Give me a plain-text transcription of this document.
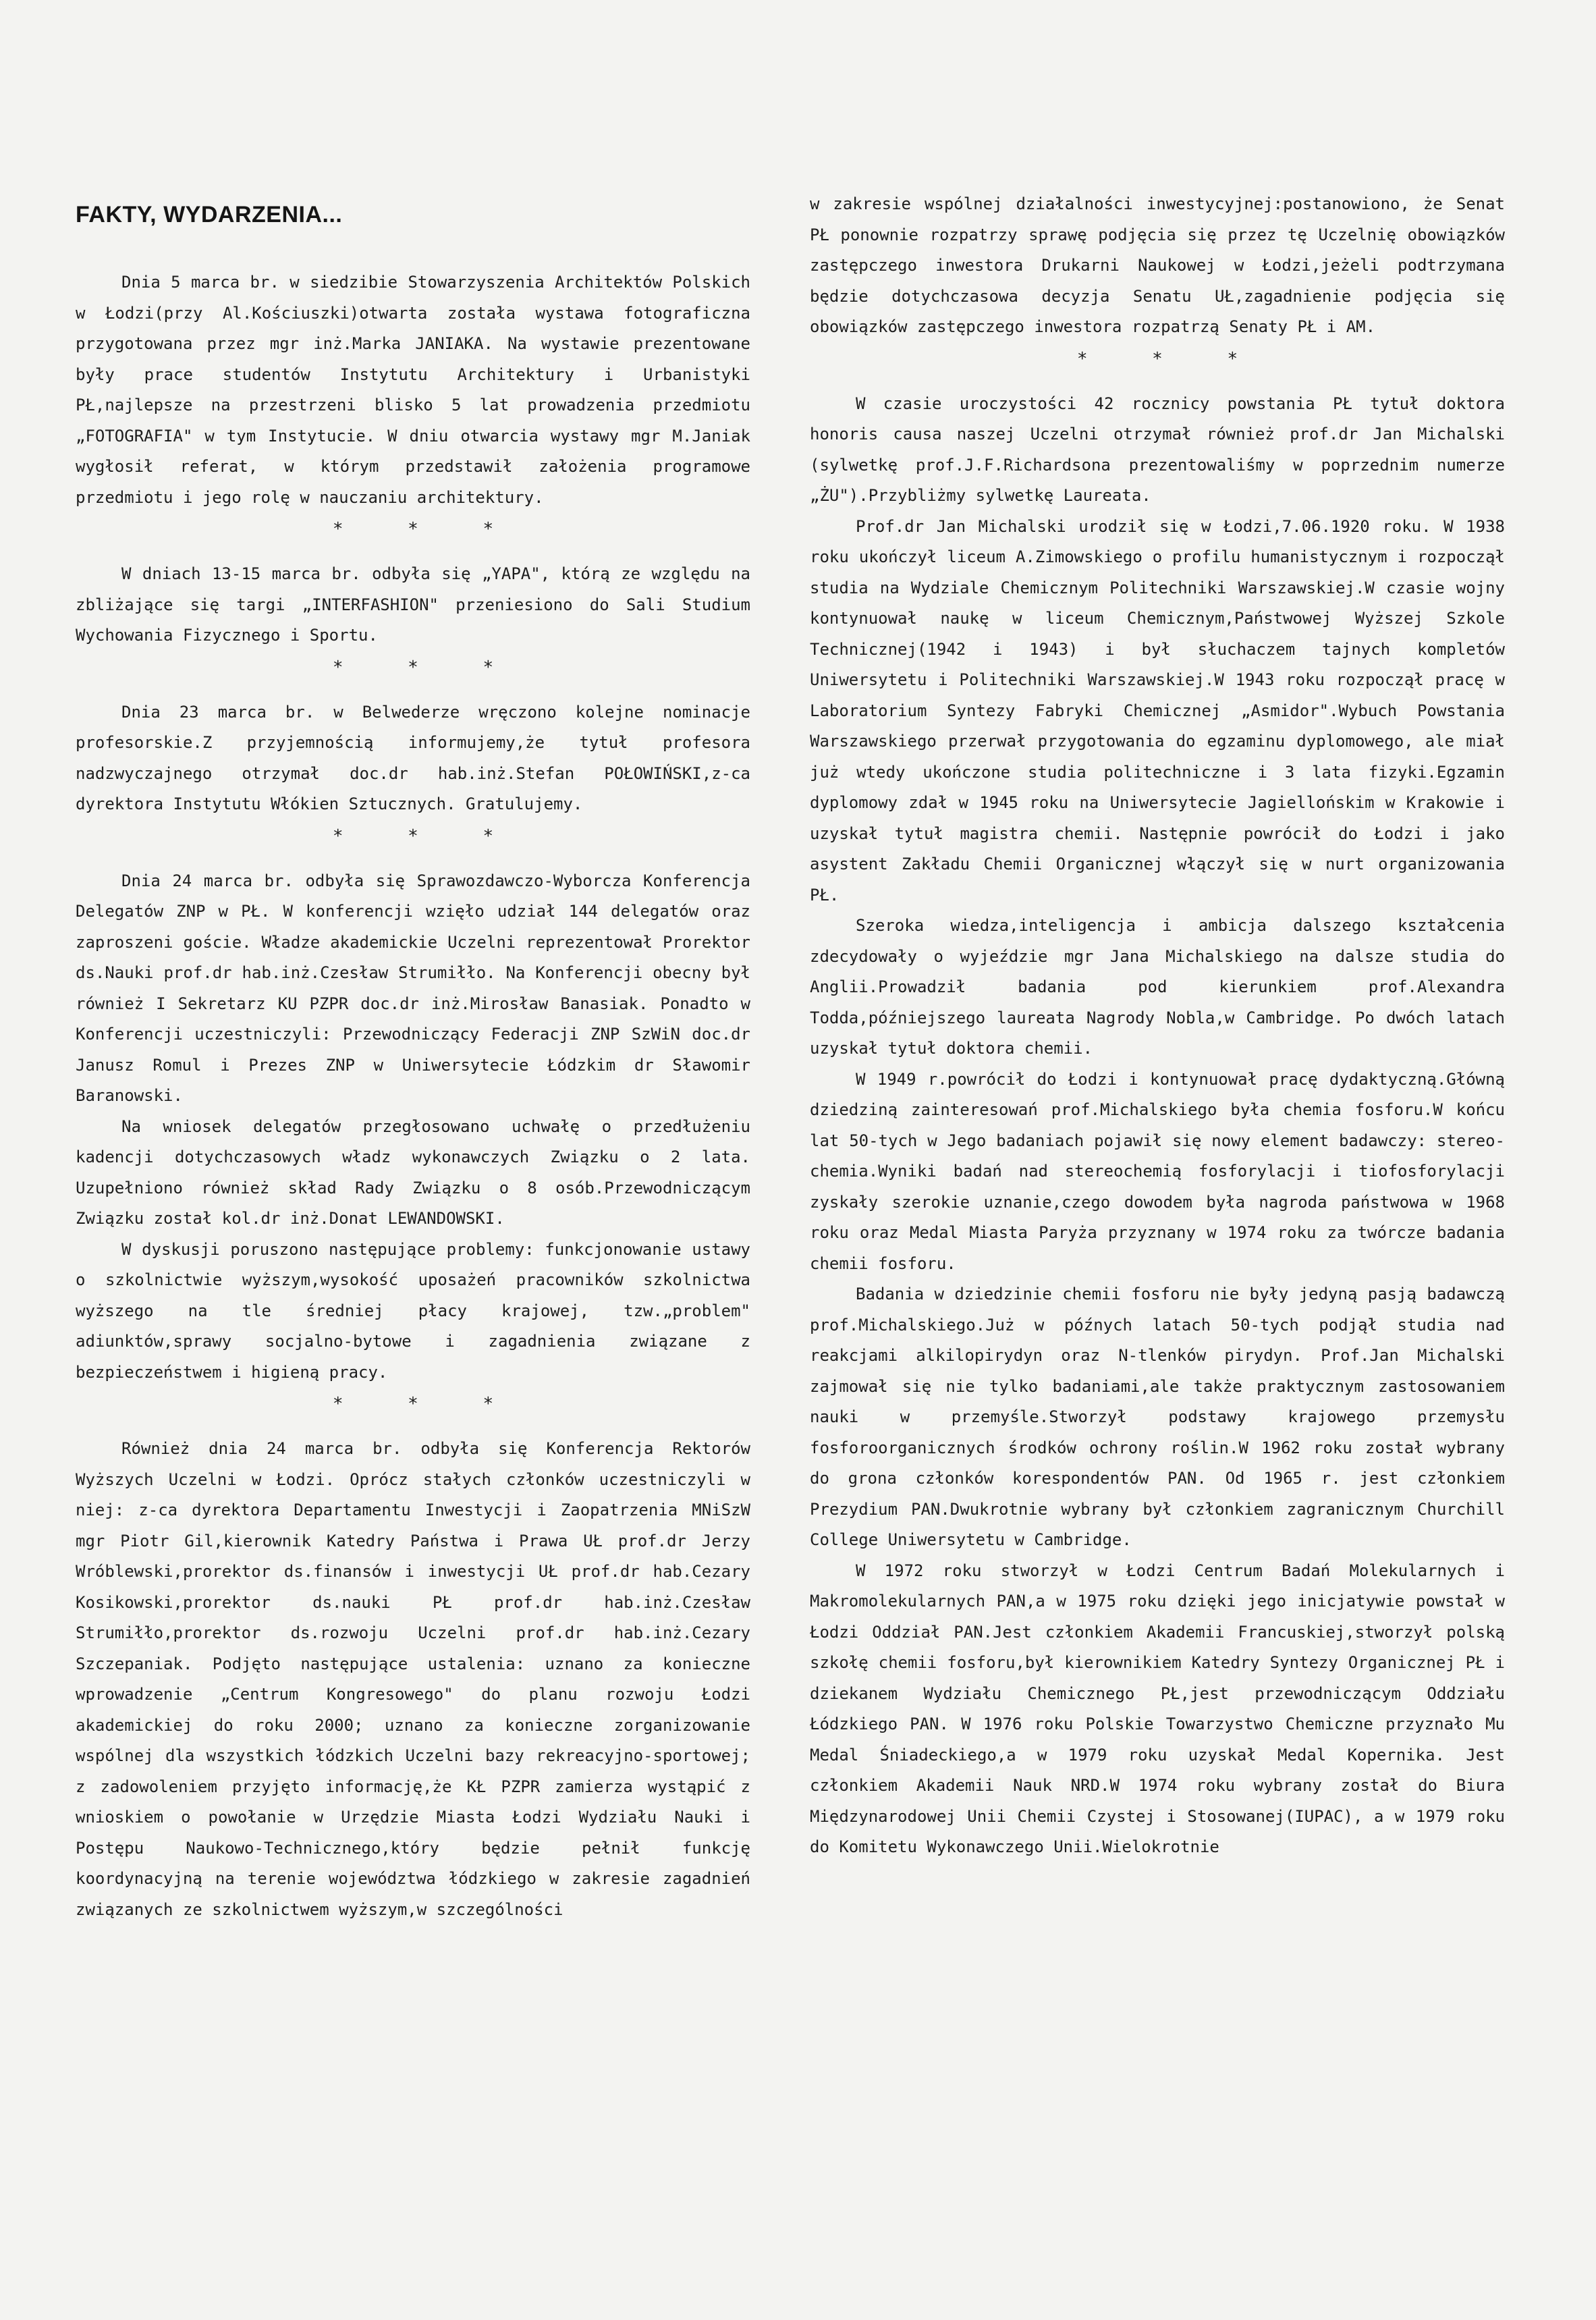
FAKTY, WYDARZENIA...

Dnia 5 marca br. w siedzibie Stowarzyszenia Architektów Polskich w Łodzi(przy Al.Kościuszki)otwarta została wystawa fotograficzna przygotowana przez mgr inż.Marka JANIAKA. Na wystawie prezentowane były prace studentów Instytutu Architektury i Urbanistyki PŁ,najlepsze na przestrzeni blisko 5 lat prowadzenia przedmiotu „FOTOGRAFIA" w tym Instytucie. W dniu otwarcia wystawy mgr M.Janiak wygłosił referat, w którym przedstawił założenia programowe przedmiotu i jego rolę w nauczaniu architektury.

* * *

W dniach 13-15 marca br. odbyła się „YAPA", którą ze względu na zbliżające się targi „INTERFASHION" przeniesiono do Sali Studium Wychowania Fizycznego i Sportu.

* * *

Dnia 23 marca br. w Belwederze wręczono kolejne nominacje profesorskie.Z przyjemnością informujemy,że tytuł profesora nadzwyczajnego otrzymał doc.dr hab.inż.Stefan POŁOWIŃSKI,z-ca dyrektora Instytutu Włókien Sztucznych. Gratulujemy.

* * *

Dnia 24 marca br. odbyła się Sprawozdawczo-Wyborcza Konferencja Delegatów ZNP w PŁ. W konferencji wzięło udział 144 delegatów oraz zaproszeni goście. Władze akademickie Uczelni reprezentował Prorektor ds.Nauki prof.dr hab.inż.Czesław Strumiłło. Na Konferencji obecny był również I Sekretarz KU PZPR doc.dr inż.Mirosław Banasiak. Ponadto w Konferencji uczestniczyli: Przewodniczący Federacji ZNP SzWiN doc.dr Janusz Romul i Prezes ZNP w Uniwersytecie Łódzkim dr Sławomir Baranowski.

Na wniosek delegatów przegłosowano uchwałę o przedłużeniu kadencji dotychczasowych władz wykonawczych Związku o 2 lata. Uzupełniono również skład Rady Związku o 8 osób.Przewodniczącym Związku został kol.dr inż.Donat LEWANDOWSKI.

W dyskusji poruszono następujące problemy: funkcjonowanie ustawy o szkolnictwie wyższym,wysokość uposażeń pracowników szkolnictwa wyższego na tle średniej płacy krajowej, tzw.„problem" adiunktów,sprawy socjalno-bytowe i zagadnienia związane z bezpieczeństwem i higieną pracy.

* * *

Również dnia 24 marca br. odbyła się Konferencja Rektorów Wyższych Uczelni w Łodzi. Oprócz stałych członków uczestniczyli w niej: z-ca dyrektora Departamentu Inwestycji i Zaopatrzenia MNiSzW mgr Piotr Gil,kierownik Katedry Państwa i Prawa UŁ prof.dr Jerzy Wróblewski,prorektor ds.finansów i inwestycji UŁ prof.dr hab.Cezary Kosikowski,prorektor ds.nauki PŁ prof.dr hab.inż.Czesław Strumiłło,prorektor ds.rozwoju Uczelni prof.dr hab.inż.Cezary Szczepaniak. Podjęto następujące ustalenia: uznano za konieczne wprowadzenie „Centrum Kongresowego" do planu rozwoju Łodzi akademickiej do roku 2000; uznano za konieczne zorganizowanie wspólnej dla wszystkich łódzkich Uczelni bazy rekreacyjno-sportowej; z zadowoleniem przyjęto informację,że KŁ PZPR zamierza wystąpić z wnioskiem o powołanie w Urzędzie Miasta Łodzi Wydziału Nauki i Postępu Naukowo-Technicznego,który będzie pełnił funkcję koordynacyjną na terenie województwa łódzkiego w zakresie zagadnień związanych ze szkolnictwem wyższym,w szczególności

w zakresie wspólnej działalności inwestycyjnej:postanowiono, że Senat PŁ ponownie rozpatrzy sprawę podjęcia się przez tę Uczelnię obowiązków zastępczego inwestora Drukarni Naukowej w Łodzi,jeżeli podtrzymana będzie dotychczasowa decyzja Senatu UŁ,zagadnienie podjęcia się obowiązków zastępczego inwestora rozpatrzą Senaty PŁ i AM.

* * *

W czasie uroczystości 42 rocznicy powstania PŁ tytuł doktora honoris causa naszej Uczelni otrzymał również prof.dr Jan Michalski (sylwetkę prof.J.F.Richardsona prezentowaliśmy w poprzednim numerze „ŻU").Przybliżmy sylwetkę Laureata.

Prof.dr Jan Michalski urodził się w Łodzi,7.06.1920 roku. W 1938 roku ukończył liceum A.Zimowskiego o profilu humanistycznym i rozpoczął studia na Wydziale Chemicznym Politechniki Warszawskiej.W czasie wojny kontynuował naukę w liceum Chemicznym,Państwowej Wyższej Szkole Technicznej(1942 i 1943) i był słuchaczem tajnych kompletów Uniwersytetu i Politechniki Warszawskiej.W 1943 roku rozpoczął pracę w Laboratorium Syntezy Fabryki Chemicznej „Asmidor".Wybuch Powstania Warszawskiego przerwał przygotowania do egzaminu dyplomowego, ale miał już wtedy ukończone studia politechniczne i 3 lata fizyki.Egzamin dyplomowy zdał w 1945 roku na Uniwersytecie Jagiellońskim w Krakowie i uzyskał tytuł magistra chemii. Następnie powrócił do Łodzi i jako asystent Zakładu Chemii Organicznej włączył się w nurt organizowania PŁ.

Szeroka wiedza,inteligencja i ambicja dalszego kształcenia zdecydowały o wyjeździe mgr Jana Michalskiego na dalsze studia do Anglii.Prowadził badania pod kierunkiem prof.Alexandra Todda,późniejszego laureata Nagrody Nobla,w Cambridge. Po dwóch latach uzyskał tytuł doktora chemii.

W 1949 r.powrócił do Łodzi i kontynuował pracę dydaktyczną.Główną dziedziną zainteresowań prof.Michalskiego była chemia fosforu.W końcu lat 50-tych w Jego badaniach pojawił się nowy element badawczy: stereo-chemia.Wyniki badań nad stereochemią fosforylacji i tiofosforylacji zyskały szerokie uznanie,czego dowodem była nagroda państwowa w 1968 roku oraz Medal Miasta Paryża przyznany w 1974 roku za twórcze badania chemii fosforu.

Badania w dziedzinie chemii fosforu nie były jedyną pasją badawczą prof.Michalskiego.Już w późnych latach 50-tych podjął studia nad reakcjami alkilopirydyn oraz N-tlenków pirydyn. Prof.Jan Michalski zajmował się nie tylko badaniami,ale także praktycznym zastosowaniem nauki w przemyśle.Stworzył podstawy krajowego przemysłu fosforoorganicznych środków ochrony roślin.W 1962 roku został wybrany do grona członków korespondentów PAN. Od 1965 r. jest członkiem Prezydium PAN.Dwukrotnie wybrany był członkiem zagranicznym Churchill College Uniwersytetu w Cambridge.

W 1972 roku stworzył w Łodzi Centrum Badań Molekularnych i Makromolekularnych PAN,a w 1975 roku dzięki jego inicjatywie powstał w Łodzi Oddział PAN.Jest członkiem Akademii Francuskiej,stworzył polską szkołę chemii fosforu,był kierownikiem Katedry Syntezy Organicznej PŁ i dziekanem Wydziału Chemicznego PŁ,jest przewodniczącym Oddziału Łódzkiego PAN. W 1976 roku Polskie Towarzystwo Chemiczne przyznało Mu Medal Śniadeckiego,a w 1979 roku uzyskał Medal Kopernika. Jest członkiem Akademii Nauk NRD.W 1974 roku wybrany został do Biura Międzynarodowej Unii Chemii Czystej i Stosowanej(IUPAC), a w 1979 roku do Komitetu Wykonawczego Unii.Wielokrotnie
